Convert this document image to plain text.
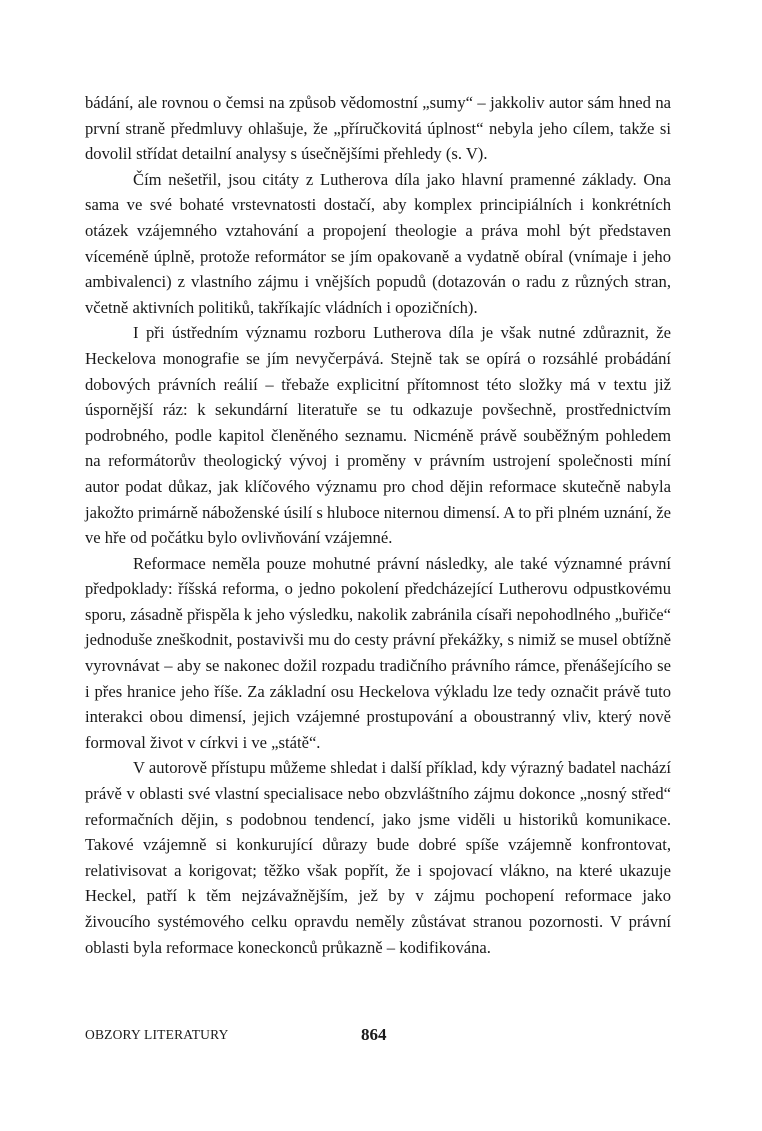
bádání, ale rovnou o čemsi na způsob vědomostní „sumy“ – jakkoliv autor sám hned na první straně předmluvy ohlašuje, že „příručkovitá úplnost“ nebyla jeho cílem, takže si dovolil střídat detailní analysy s úsečnějšími přehledy (s. V).

Čím nešetřil, jsou citáty z Lutherova díla jako hlavní pramenné základy. Ona sama ve své bohaté vrstevnatosti dostačí, aby komplex principiálních i konkrétních otázek vzájemného vztahování a propojení theologie a práva mohl být představen víceméně úplně, protože reformátor se jím opakovaně a vydatně obíral (vnímaje i jeho ambivalenci) z vlastního zájmu i vnějších popudů (dotazován o radu z různých stran, včetně aktivních politiků, takříkajíc vládních i opozičních).

I při ústředním významu rozboru Lutherova díla je však nutné zdůraznit, že Heckelova monografie se jím nevyčerpává. Stejně tak se opírá o rozsáhlé probádání dobových právních reálií – třebaže explicitní přítomnost této složky má v textu již úspornější ráz: k sekundární literatuře se tu odkazuje povšechně, prostřednictvím podrobného, podle kapitol členěného seznamu. Nicméně právě souběžným pohledem na reformátorův theologický vývoj i proměny v právním ustrojení společnosti míní autor podat důkaz, jak klíčového významu pro chod dějin reformace skutečně nabyla jakožto primárně náboženské úsilí s hluboce niternou dimensí. A to při plném uznání, že ve hře od počátku bylo ovlivňování vzájemné.

Reformace neměla pouze mohutné právní následky, ale také významné právní předpoklady: říšská reforma, o jedno pokolení předcházející Lutherovu odpustkovému sporu, zásadně přispěla k jeho výsledku, nakolik zabránila císaři nepohodlného „buřiče“ jednoduše zneškodnit, postavivši mu do cesty právní překážky, s nimiž se musel obtížně vyrovnávat – aby se nakonec dožil rozpadu tradičního právního rámce, přenášejícího se i přes hranice jeho říše. Za základní osu Heckelova výkladu lze tedy označit právě tuto interakci obou dimensí, jejich vzájemné prostupování a oboustranný vliv, který nově formoval život v církvi i ve „státě“.

V autorově přístupu můžeme shledat i další příklad, kdy výrazný badatel nachází právě v oblasti své vlastní specialisace nebo obzvláštního zájmu dokonce „nosný střed“ reformačních dějin, s podobnou tendencí, jako jsme viděli u historiků komunikace. Takové vzájemně si konkurující důrazy bude dobré spíše vzájemně konfrontovat, relativisovat a korigovat; těžko však popřít, že i spojovací vlákno, na které ukazuje Heckel, patří k těm nejzávažnějším, jež by v zájmu pochopení reformace jako živoucího systémového celku opravdu neměly zůstávat stranou pozornosti. V právní oblasti byla reformace koneckonců průkazně – kodifikována.

OBZORY LITERATURY	864
